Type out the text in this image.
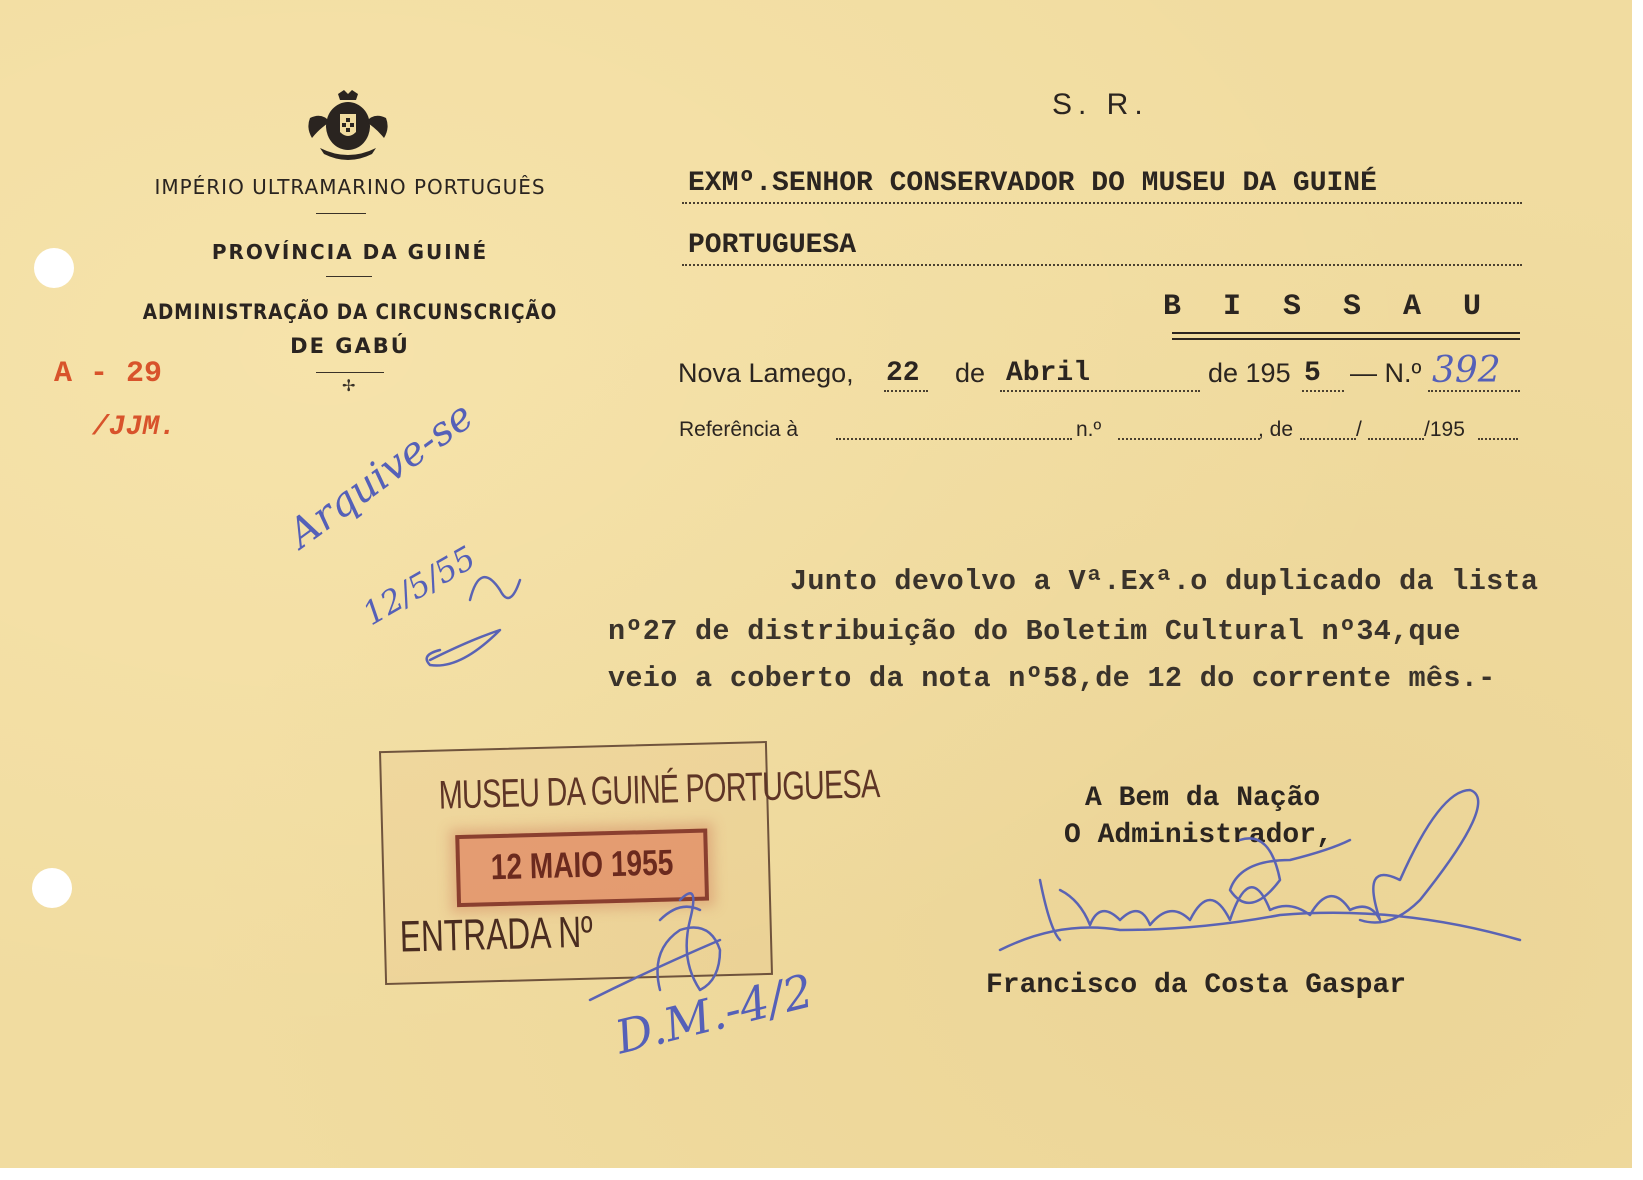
IMPÉRIO ULTRAMARINO PORTUGUÊS
PROVÍNCIA DA GUINÉ
ADMINISTRAÇÃO DA CIRCUNSCRIÇÃO
DE GABÚ
✢
A - 29
/JJM.
S. R.
EXMº.SENHOR CONSERVADOR DO MUSEU DA GUINÉ
PORTUGUESA
B I S S A U
Nova Lamego, 22 de Abril	de 195 5 — N.º 392
Referência à	n.º	, de	/	/195
Junto devolvo a Vª.Exª.o duplicado da lista
nº27 de distribuição do Boletim Cultural nº34,que
veio a coberto da nota nº58,de 12 do corrente mês.-
A Bem da Nação
O Administrador,
Francisco da Costa Gaspar
MUSEU DA GUINÉ PORTUGUESA
12 MAIO 1955
ENTRADA Nº
Arquive-se
12/5/55
D.M.-4/2
